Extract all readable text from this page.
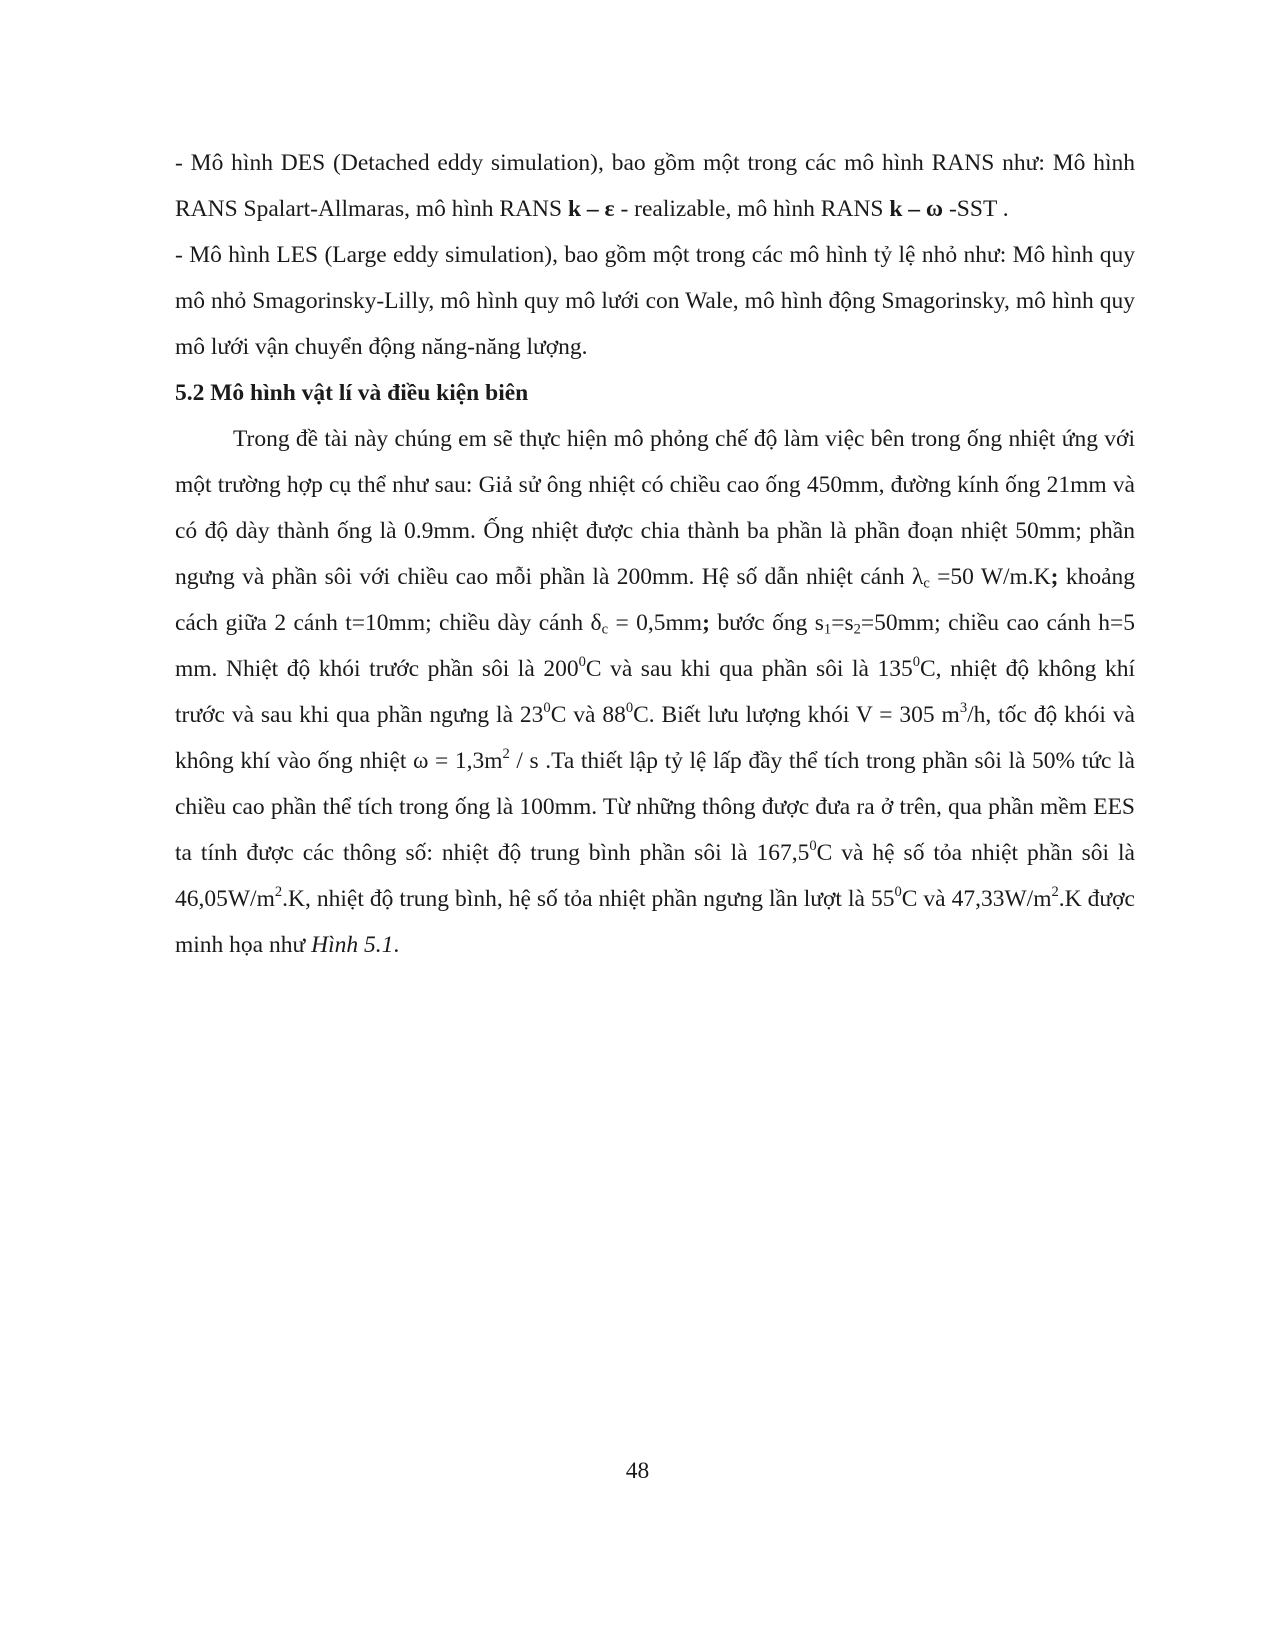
- Mô hình DES (Detached eddy simulation), bao gồm một trong các mô hình RANS như: Mô hình RANS Spalart-Allmaras, mô hình RANS k – ε - realizable, mô hình RANS k – ω -SST .

- Mô hình LES (Large eddy simulation), bao gồm một trong các mô hình tỷ lệ nhỏ như: Mô hình quy mô nhỏ Smagorinsky-Lilly, mô hình quy mô lưới con Wale, mô hình động Smagorinsky, mô hình quy mô lưới vận chuyển động năng-năng lượng.

5.2 Mô hình vật lí và điều kiện biên

Trong đề tài này chúng em sẽ thực hiện mô phỏng chế độ làm việc bên trong ống nhiệt ứng với một trường hợp cụ thể như sau: Giả sử ông nhiệt có chiều cao ống 450mm, đường kính ống 21mm và có độ dày thành ống là 0.9mm. Ống nhiệt được chia thành ba phần là phần đoạn nhiệt 50mm; phần ngưng và phần sôi với chiều cao mỗi phần là 200mm. Hệ số dẫn nhiệt cánh $\lambda_c =50$ W/m.K; khoảng cách giữa 2 cánh t=10mm; chiều dày cánh $\delta_c = 0,5mm$; bước ống $s_1=s_2=50mm$; chiều cao cánh h=5 mm. Nhiệt độ khói trước phần sôi là $200^0C$ và sau khi qua phần sôi là $135^0C$, nhiệt độ không khí trước và sau khi qua phần ngưng là $23^0C$ và $88^0C$. Biết lưu lượng khói V = 305 $m^3/h$, tốc độ khói và không khí vào ống nhiệt $\omega = 1,3m^2 / s$ .Ta thiết lập tỷ lệ lấp đầy thể tích trong phần sôi là 50% tức là chiều cao phần thể tích trong ống là 100mm. Từ những thông được đưa ra ở trên, qua phần mềm EES ta tính được các thông số: nhiệt độ trung bình phần sôi là 167,5$^0$C và hệ số tỏa nhiệt phần sôi là $46,05W/m^2.K$, nhiệt độ trung bình, hệ số tỏa nhiệt phần ngưng lần lượt là $55^0C$ và $47,33W/m^2.K$ được minh họa như Hình 5.1.

48
